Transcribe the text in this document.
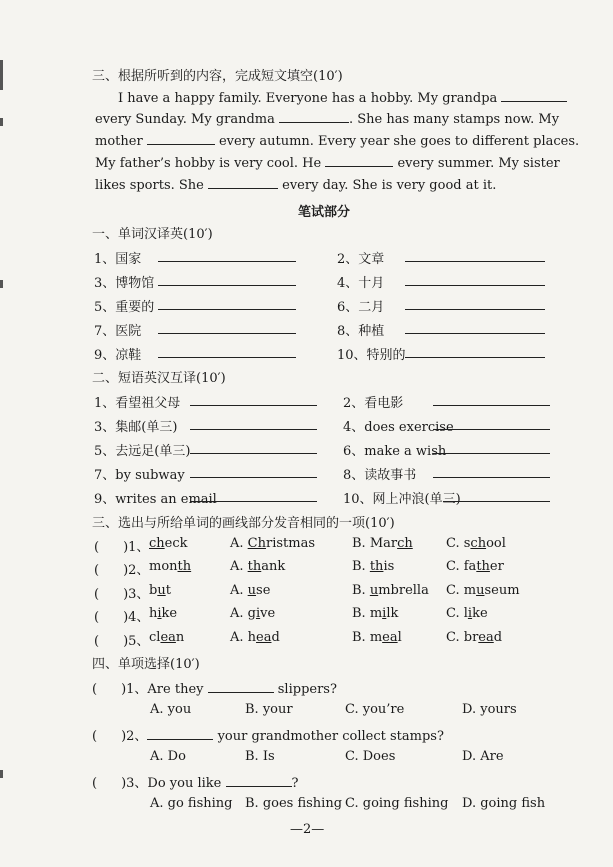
三、根据所听到的内容，完成短文填空(10′)
I have a happy family. Everyone has a hobby. My grandpa
every Sunday. My grandma	. She has many stamps now. My
mother	every autumn. Every year she goes to different places.
My father’s hobby is very cool. He	every summer. My sister
likes sports. She	every day. She is very good at it.
笔试部分
一、单词汉译英(10′)
1、国家	2、文章
3、博物馆	4、十月
5、重要的	6、二月
7、医院	8、种植
9、凉鞋	10、特别的
二、短语英汉互译(10′)
1、看望祖父母	2、看电影
3、集邮(单三)	4、does exercise
5、去远足(单三)	6、make a wish
7、by subway	8、读故事书
9、writes an email	10、网上冲浪(单三)
三、选出与所给单词的画线部分发音相同的一项(10′)
( )1、 check	A. Christmas	B. March	C. school
( )2、 month	A. thank	B. this	C. father
( )3、 but	A. use	B. umbrella C. museum
( )4、 hike	A. give	B. milk	C. like
( )5、 clean	A. head	B. meal	C. bread
四、单项选择(10′)
( )1、Are they	slippers?
A. you	B. your	C. you’re	D. yours
( )2、	your grandmother collect stamps?
A. Do	B. Is	C. Does	D. Are
( )3、Do you like	?
A. go fishing B. goes fishing C. going fishing D. going fish
—2—
